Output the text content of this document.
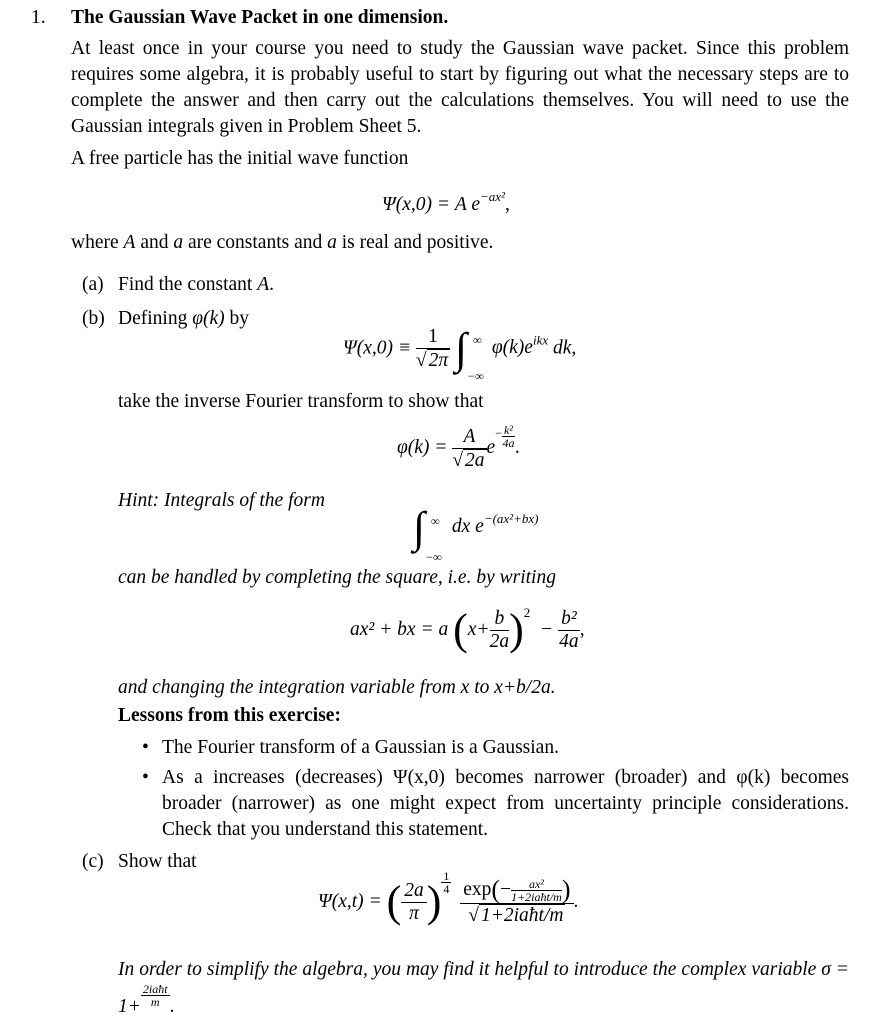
1. The Gaussian Wave Packet in one dimension.
At least once in your course you need to study the Gaussian wave packet. Since this problem requires some algebra, it is probably useful to start by figuring out what the necessary steps are to complete the answer and then carry out the calculations themselves. You will need to use the Gaussian integrals given in Problem Sheet 5.
A free particle has the initial wave function
Ψ(x,0) = A $e^{-ax^2}$,
where A and a are constants and a is real and positive.
(a) Find the constant A.
(b) Defining φ(k) by
$\Psi(x,0) \equiv \frac{1}{√ 2\pi}$ ∫ ∞
−∞
$\varphi(k)e^{ikx}$ dk,
take the inverse Fourier transform to show that
$\varphi(k) = \frac{A}{√ 2a} e^- \frac{\text{k²}}{4a}$ .
Hint: Integrals of the form
∫ ∞
−∞
dx $e^{-(ax^2+bx)}$
can be handled by completing the square, i.e. by writing
ax² + bx = a $(x+ \frac{b}{2a} )^2 - \frac{\text{b²}}{4a}$ ,
and changing the integration variable from x to x+b/2a.
Lessons from this exercise:
• The Fourier transform of a Gaussian is a Gaussian.
• As a increases (decreases) Ψ(x,0) becomes narrower (broader) and φ(k) becomes broader (narrower) as one might expect from uncertainty principle considerations. Check that you understand this statement.
(c) Show that
Ψ(x,t) = ( $\frac{2a}{\pi}$ ) $\frac{1}{4}$
$\frac{\exp(- \frac{\text{ax²}}{\text{1+2iaħt/m}} )}{\text{√ 1+2iaħt/m}}$ .
In order to simplify the algebra, you may find it helpful to introduce the complex variable $\sigma = 1+ \frac{\text{2iaħt}}{m}$ .
